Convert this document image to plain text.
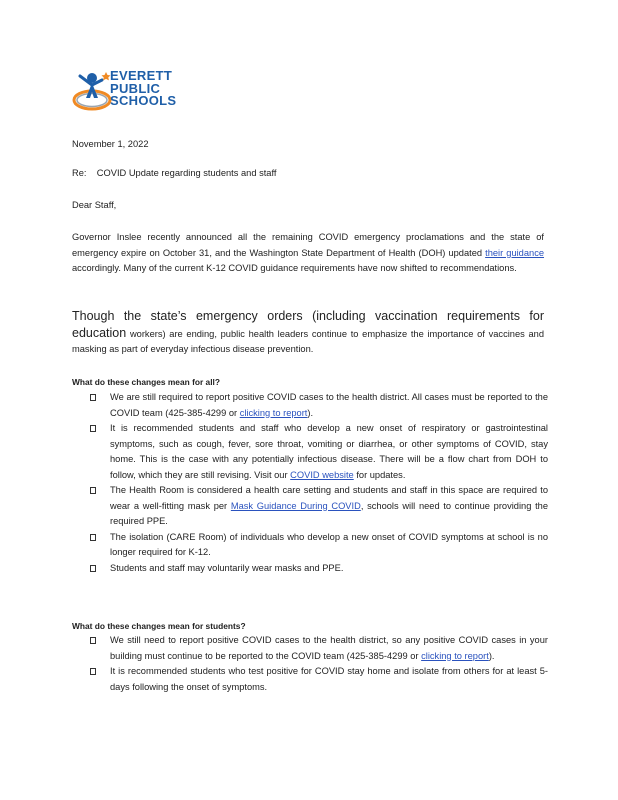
EVERETT
PUBLIC
SCHOOLS
November 1, 2022
Re:    COVID Update regarding students and staff
Dear Staff,
Governor Inslee recently announced all the remaining COVID emergency proclamations and the state of emergency expire on October 31, and the Washington State Department of Health (DOH) updated their guidance accordingly. Many of the current K-12 COVID guidance requirements have now shifted to recommendations.
Though the state’s emergency orders (including vaccination requirements for education workers) are ending, public health leaders continue to emphasize the importance of vaccines and masking as part of everyday infectious disease prevention.
What do these changes mean for all?
We are still required to report positive COVID cases to the health district. All cases must be reported to the COVID team (425-385-4299 or clicking to report).
It is recommended students and staff who develop a new onset of respiratory or gastrointestinal symptoms, such as cough, fever, sore throat, vomiting or diarrhea, or other symptoms of COVID, stay home. This is the case with any potentially infectious disease. There will be a flow chart from DOH to follow, which they are still revising. Visit our COVID website for updates.
The Health Room is considered a health care setting and students and staff in this space are required to wear a well-fitting mask per Mask Guidance During COVID, schools will need to continue providing the required PPE.
The isolation (CARE Room) of individuals who develop a new onset of COVID symptoms at school is no longer required for K-12.
Students and staff may voluntarily wear masks and PPE.
What do these changes mean for students?
We still need to report positive COVID cases to the health district, so any positive COVID cases in your building must continue to be reported to the COVID team (425-385-4299 or clicking to report).
It is recommended students who test positive for COVID stay home and isolate from others for at least 5-days following the onset of symptoms.
